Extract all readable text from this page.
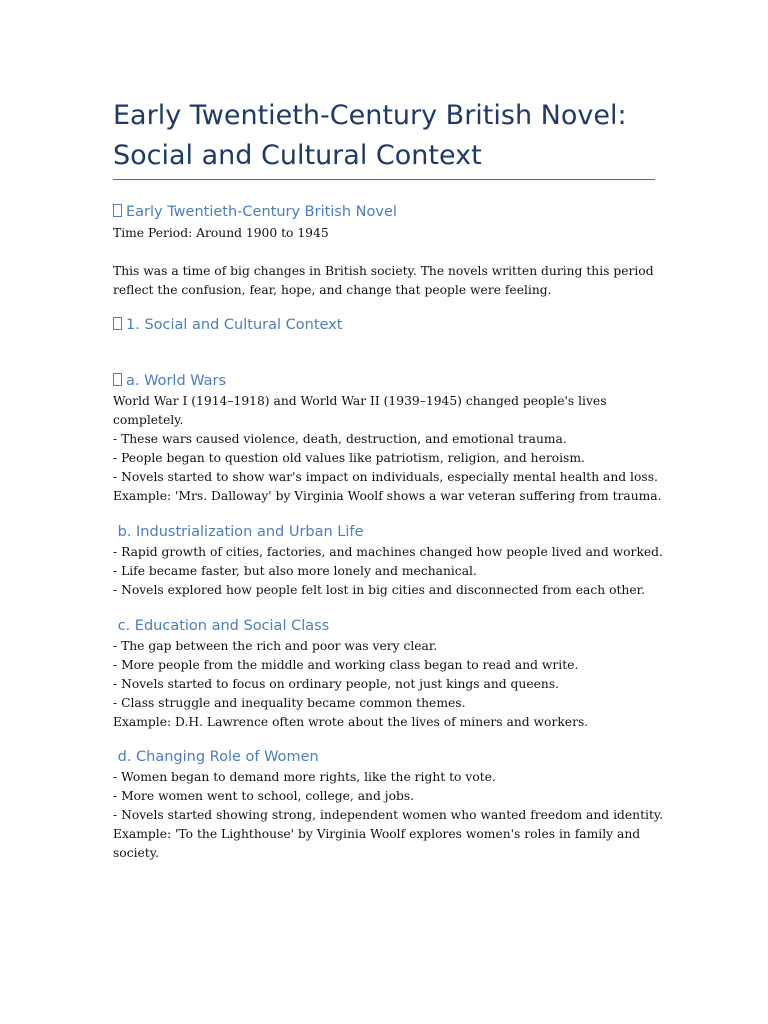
Early Twentieth-Century British Novel:
Social and Cultural Context
Early Twentieth-Century British Novel

Time Period: Around 1900 to 1945

This was a time of big changes in British society. The novels written during this period
reflect the confusion, fear, hope, and change that people were feeling.

1. Social and Cultural Context
a. World Wars

World War I (1914–1918) and World War II (1939–1945) changed people's lives
completely.
- These wars caused violence, death, destruction, and emotional trauma.
- People began to question old values like patriotism, religion, and heroism.
- Novels started to show war's impact on individuals, especially mental health and loss.
Example: 'Mrs. Dalloway' by Virginia Woolf shows a war veteran suffering from trauma.

b. Industrialization and Urban Life

- Rapid growth of cities, factories, and machines changed how people lived and worked.
- Life became faster, but also more lonely and mechanical.
- Novels explored how people felt lost in big cities and disconnected from each other.

c. Education and Social Class

- The gap between the rich and poor was very clear.
- More people from the middle and working class began to read and write.
- Novels started to focus on ordinary people, not just kings and queens.
- Class struggle and inequality became common themes.
Example: D.H. Lawrence often wrote about the lives of miners and workers.

d. Changing Role of Women

- Women began to demand more rights, like the right to vote.
- More women went to school, college, and jobs.
- Novels started showing strong, independent women who wanted freedom and identity.
Example: 'To the Lighthouse' by Virginia Woolf explores women's roles in family and
society.
